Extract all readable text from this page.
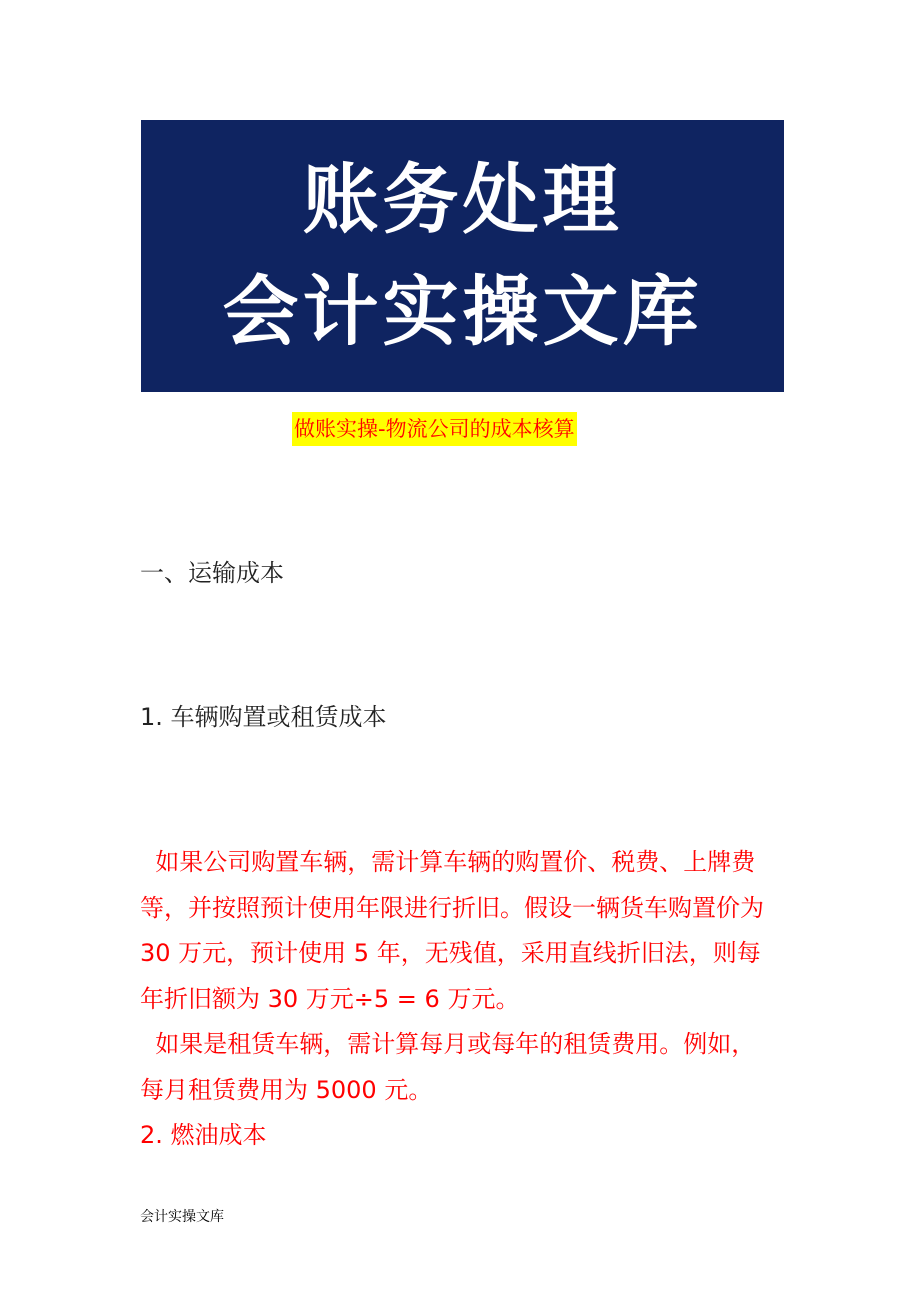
账务处理
会计实操文库
做账实操-物流公司的成本核算

一、运输成本

1. 车辆购置或租赁成本

如果公司购置车辆，需计算车辆的购置价、税费、上牌费
等，并按照预计使用年限进行折旧。假设一辆货车购置价为
30 万元，预计使用 5 年，无残值，采用直线折旧法，则每
年折旧额为 30 万元÷5 = 6 万元。
如果是租赁车辆，需计算每月或每年的租赁费用。例如，
每月租赁费用为 5000 元。
2. 燃油成本
会计实操文库
